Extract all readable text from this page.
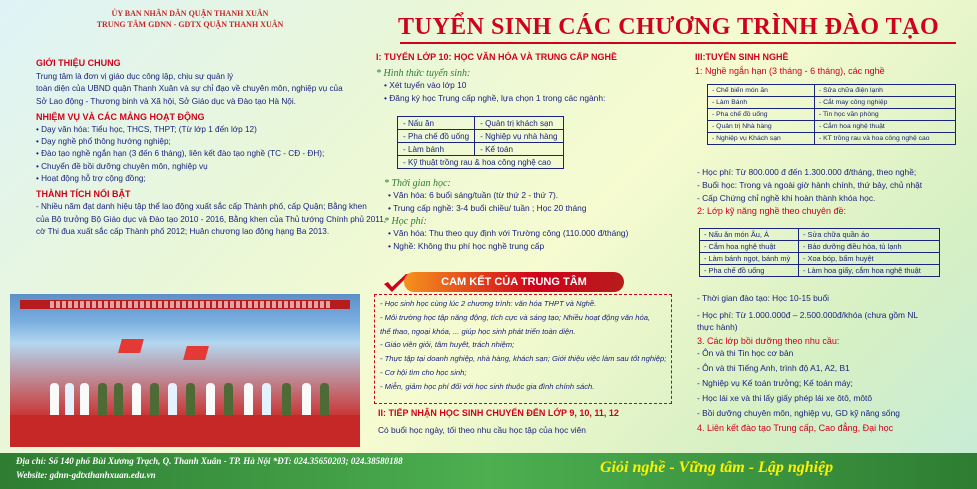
ỦY BAN NHÂN DÂN QUẬN THANH XUÂN
TRUNG TÂM GDNN - GDTX QUẬN THANH XUÂN	TUYỂN SINH CÁC CHƯƠNG TRÌNH ĐÀO TẠO
GIỚI THIỆU CHUNG

Trung tâm là đơn vị giáo dục công lập, chịu sự quản lý

toàn diện của UBND quận Thanh Xuân và sự chỉ đạo về chuyên môn, nghiệp vụ của

Sở Lao động - Thương binh và Xã hội, Sở Giáo dục và Đào tạo Hà Nội.

NHIỆM VỤ VÀ CÁC MẢNG HOẠT ĐỘNG

• Dạy văn hóa: Tiểu học, THCS, THPT; (Từ lớp 1 đến lớp 12)

• Dạy nghề phổ thông hướng nghiệp;

• Đào tạo nghề ngắn hạn (3 đến 6 tháng), liên kết đào tạo nghề (TC - CĐ - ĐH);

• Chuyển đề bồi dưỡng chuyên môn, nghiệp vụ

• Hoạt động hỗ trợ cộng đồng;

THÀNH TÍCH NỔI BẬT

- Nhiều năm đạt danh hiệu tập thể lao động xuất sắc cấp Thành phố, cấp Quận; Bằng khen

của Bộ trưởng Bộ Giáo dục và Đào tạo 2010 - 2016, Bằng khen của Thủ tướng Chính phủ 2011,

cờ Thi đua xuất sắc cấp Thành phố 2012; Huân chương lao động hạng Ba 2013.

I: TUYỂN LỚP 10: HỌC VĂN HÓA VÀ TRUNG CẤP NGHỀ
* Hình thức tuyển sinh:

• Xét tuyển vào lớp 10

• Đăng ký học Trung cấp nghề, lựa chọn 1 trong các ngành:

- Nấu ăn	- Quản trị khách sạn
- Pha chế đồ uống	- Nghiệp vụ nhà hàng
- Làm bánh	- Kế toán
- Kỹ thuật trồng rau & hoa công nghệ cao	
* Thời gian học:

• Văn hóa: 6 buổi sáng/tuần (từ thứ 2 - thứ 7).

• Trung cấp nghề: 3-4 buổi chiều/ tuần ; Học 20 tháng

* Học phí:

• Văn hóa: Thu theo quy định với Trường công (110.000 đ/tháng)

• Nghề: Không thu phí học nghề trung cấp

CAM KẾT CỦA TRUNG TÂM

- Học sinh học cùng lúc 2 chương trình: văn hóa THPT và Nghề.

- Môi trường học tập năng động, tích cực và sáng tạo; Nhiều hoạt động văn hóa,

thể thao, ngoại khóa, ... giúp học sinh phát triển toàn diện.

- Giáo viên giỏi, tâm huyết, trách nhiệm;

- Thực tập tại doanh nghiệp, nhà hàng, khách sạn; Giới thiệu việc làm sau tốt nghiệp;

- Cơ hội tìm cho học sinh;

- Miễn, giảm học phí đối với học sinh thuộc gia đình chính sách.

II: TIẾP NHẬN HỌC SINH CHUYỂN ĐẾN LỚP 9, 10, 11, 12

Có buổi học ngày, tối theo nhu cầu học tập của học viên

III:TUYỂN SINH NGHỀ
1: Nghề ngắn hạn (3 tháng - 6 tháng), các nghề
- Chế biến món ăn	- Sửa chữa điện lạnh
- Làm Bánh	- Cắt may công nghiệp
- Pha chế đồ uống	- Tin học văn phòng
- Quản trị Nhà hàng	- Cắm hoa nghệ thuật
- Nghiệp vụ Khách sạn	- KT trồng rau và hoa công nghệ cao

- Học phí: Từ 800.000 đ đến 1.300.000 đ/tháng, theo nghề;

- Buổi học: Trong và ngoài giờ hành chính, thứ bảy, chủ nhật

- Cấp Chứng chỉ nghề khi hoàn thành khóa học.

2: Lớp kỹ năng nghề theo chuyên đề:
- Nấu ăn món Âu, Á	- Sửa chữa quần áo
- Cắm hoa nghệ thuật	- Bảo dưỡng điều hòa, tủ lạnh
- Làm bánh ngọt, bánh mỳ	- Xoa bóp, bấm huyệt
- Pha chế đồ uống	- Làm hoa giấy, cắm hoa nghệ thuật

- Thời gian đào tạo: Học 10-15 buổi

- Học phí: Từ 1.000.000đ – 2.500.000đ/khóa (chưa gồm NL

thực hành)

3. Các lớp bồi dưỡng theo nhu cầu:

- Ôn và thi Tin học cơ bản

- Ôn và thi Tiếng Anh, trình độ A1, A2, B1

- Nghiệp vụ Kế toán trưởng; Kế toán máy;

- Học lái xe và thi lấy giấy phép lái xe ôtô, môtô

- Bồi dưỡng chuyên môn, nghiệp vụ, GD kỹ năng sống

4. Liên kết đào tạo Trung cấp, Cao đẳng, Đại học
Địa chỉ: Số 140 phố Bùi Xương Trạch, Q. Thanh Xuân - TP. Hà Nội *ĐT: 024.35650203; 024.38580188
Website: gdnn-gdtxthanhxuan.edu.vn	Giỏi nghề - Vững tâm - Lập nghiệp
